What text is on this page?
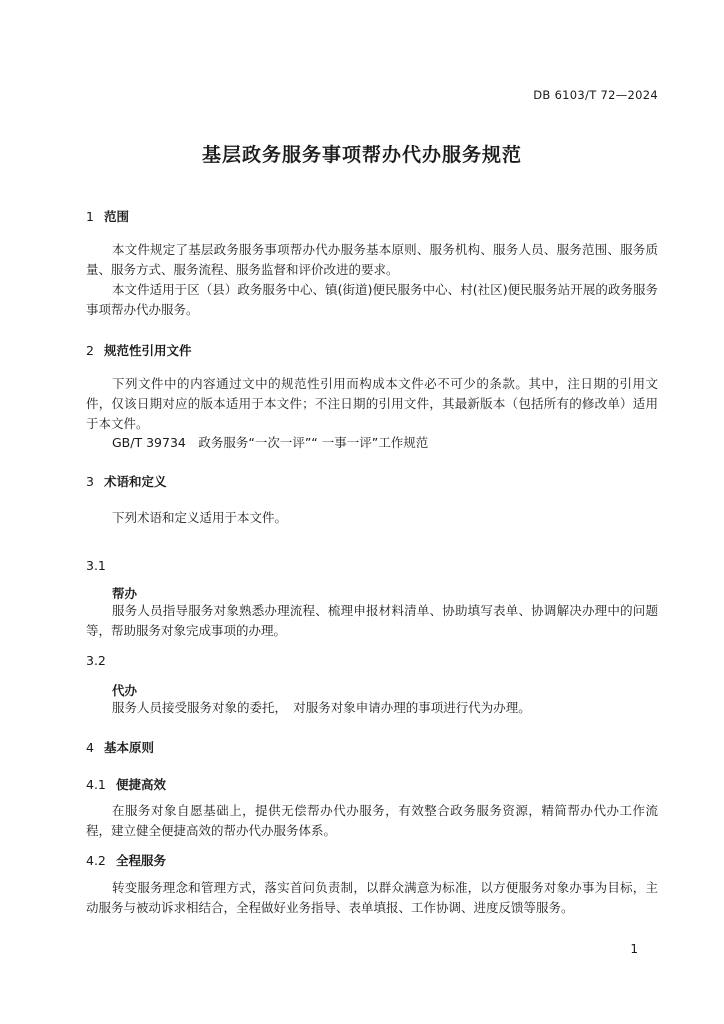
DB 6103/T 72—2024
基层政务服务事项帮办代办服务规范
1 范围
本文件规定了基层政务服务事项帮办代办服务基本原则、服务机构、服务人员、服务范围、服务质量、服务方式、服务流程、服务监督和评价改进的要求。
本文件适用于区（县）政务服务中心、镇(街道)便民服务中心、村(社区)便民服务站开展的政务服务事项帮办代办服务。
2 规范性引用文件
下列文件中的内容通过文中的规范性引用而构成本文件必不可少的条款。其中，注日期的引用文件，仅该日期对应的版本适用于本文件；不注日期的引用文件，其最新版本（包括所有的修改单）适用于本文件。
GB/T 39734　政务服务“一次一评”“ 一事一评”工作规范
3 术语和定义
下列术语和定义适用于本文件。
3.1
帮办
服务人员指导服务对象熟悉办理流程、梳理申报材料清单、协助填写表单、协调解决办理中的问题等，帮助服务对象完成事项的办理。
3.2
代办
服务人员接受服务对象的委托，　对服务对象申请办理的事项进行代为办理。
4 基本原则
4.1 便捷高效
在服务对象自愿基础上，提供无偿帮办代办服务，有效整合政务服务资源，精简帮办代办工作流程，建立健全便捷高效的帮办代办服务体系。
4.2 全程服务
转变服务理念和管理方式，落实首问负责制，以群众满意为标准，以方便服务对象办事为目标，主动服务与被动诉求相结合，全程做好业务指导、表单填报、工作协调、进度反馈等服务。
1
